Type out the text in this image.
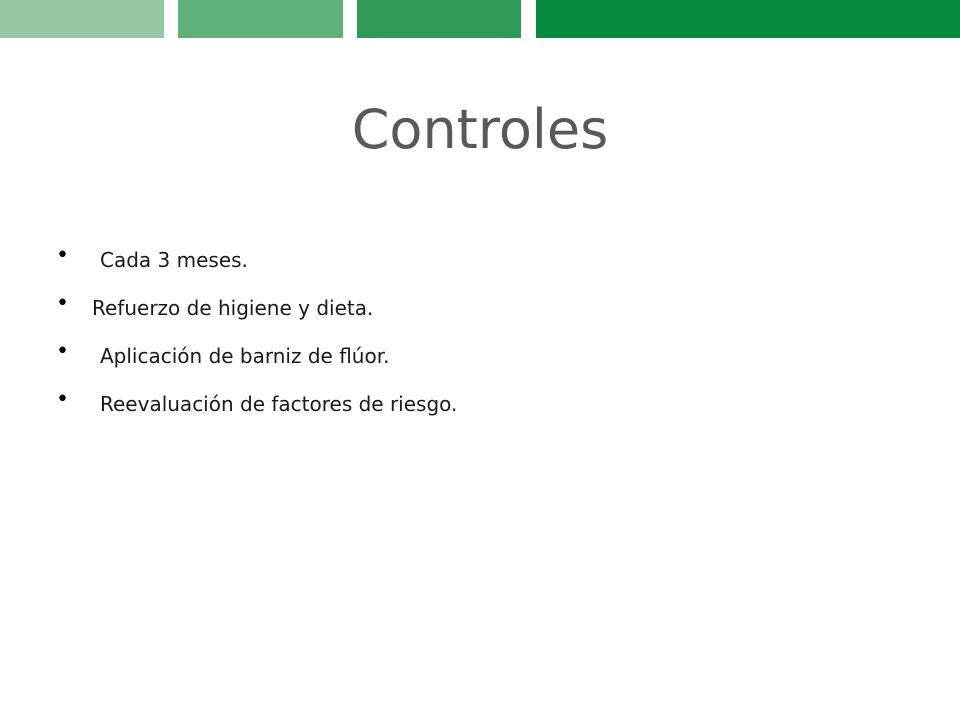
Controles
•	Cada 3 meses.
•	Refuerzo de higiene y dieta.
•	Aplicación de barniz de flúor.
•	Reevaluación de factores de riesgo.
